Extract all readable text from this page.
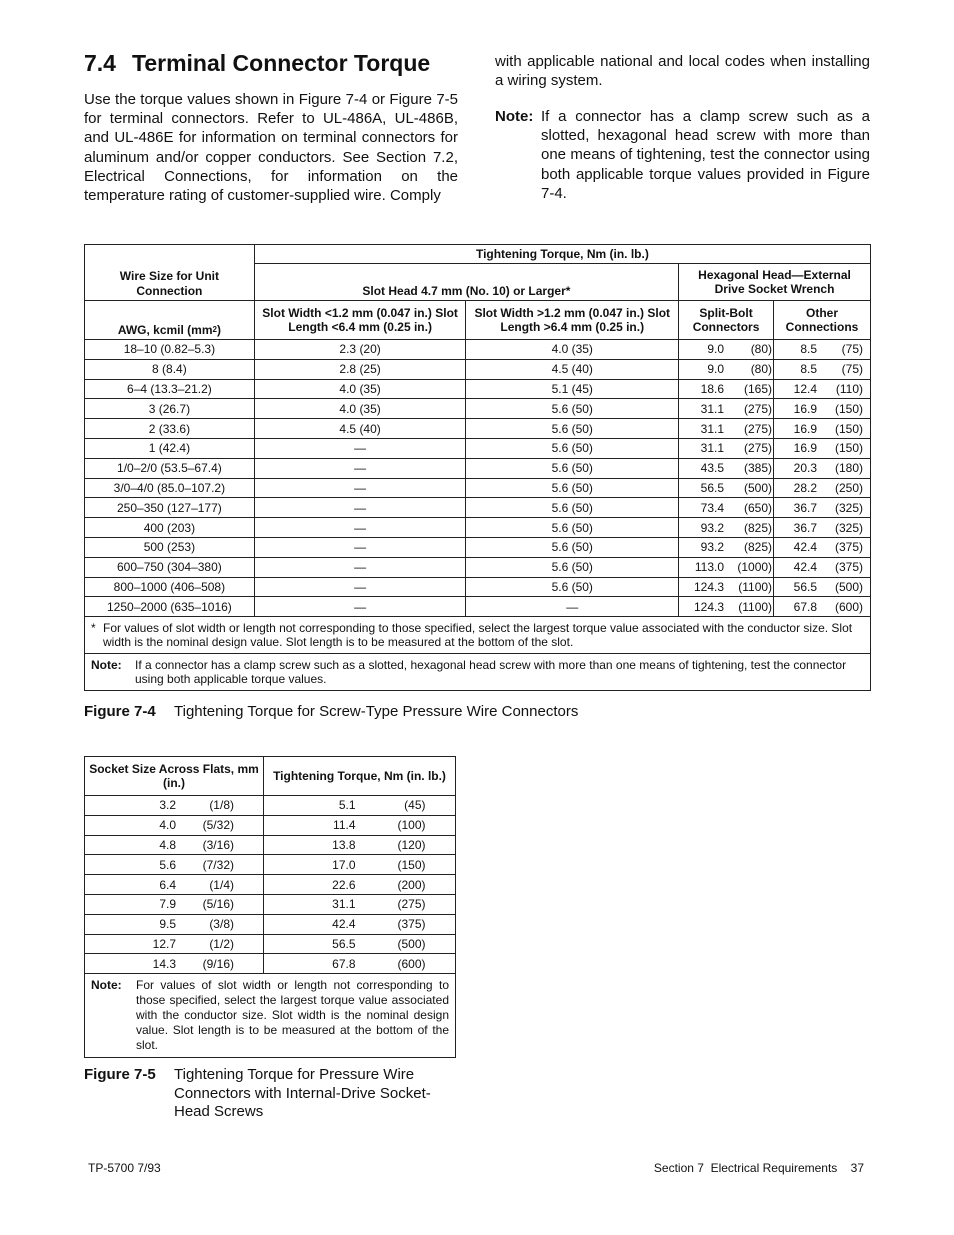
7.4 Terminal Connector Torque

Use the torque values shown in Figure 7-4 or Figure 7-5 for terminal connectors. Refer to UL-486A, UL-486B, and UL-486E for information on terminal connectors for aluminum and/or copper conductors. See Section 7.2, Electrical Connections, for information on the temperature rating of customer-supplied wire. Comply

with applicable national and local codes when installing a wiring system.

Note: If a connector has a clamp screw such as a slotted, hexagonal head screw with more than one means of tightening, test the connector using both applicable torque values provided in Figure 7-4.

Wire Size for Unit Connection	Tightening Torque, Nm (in. lb.)			
	Slot Head 4.7 mm (No. 10) or Larger*		Hexagonal Head—External Drive Socket Wrench	
AWG, kcmil $(mm^2)$	Slot Width <1.2 mm (0.047 in.) Slot Length <6.4 mm (0.25 in.)	Slot Width >1.2 mm (0.047 in.) Slot Length >6.4 mm (0.25 in.)	Split-Bolt Connectors	Other Connections
18–10 (0.82–5.3)	2.3 (20)	4.0 (35)	9.0 (80)	8.5 (75)
8 (8.4)	2.8 (25)	4.5 (40)	9.0 (80)	8.5 (75)
6–4 (13.3–21.2)	4.0 (35)	5.1 (45)	18.6 (165)	12.4 (110)
3 (26.7)	4.0 (35)	5.6 (50)	31.1 (275)	16.9 (150)
2 (33.6)	4.5 (40)	5.6 (50)	31.1 (275)	16.9 (150)
1 (42.4)	—	5.6 (50)	31.1 (275)	16.9 (150)
1/0–2/0 (53.5–67.4)	—	5.6 (50)	43.5 (385)	20.3 (180)
3/0–4/0 (85.0–107.2)	—	5.6 (50)	56.5 (500)	28.2 (250)
250–350 (127–177)	—	5.6 (50)	73.4 (650)	36.7 (325)
400 (203)	—	5.6 (50)	93.2 (825)	36.7 (325)
500 (253)	—	5.6 (50)	93.2 (825)	42.4 (375)
600–750 (304–380)	—	5.6 (50)	113.0 (1000)	42.4 (375)
800–1000 (406–508)	—	5.6 (50)	124.3 (1100)	56.5 (500)
1250–2000 (635–1016)	—	—	124.3 (1100)	67.8 (600)

* For values of slot width or length not corresponding to those specified, select the largest torque value associated with the conductor size. Slot width is the nominal design value. Slot length is to be measured at the bottom of the slot.				

Note: If a connector has a clamp screw such as a slotted, hexagonal head screw with more than one means of tightening, test the connector using both applicable torque values.				
Figure 7-4	Tightening Torque for Screw-Type Pressure Wire Connectors
Socket Size Across Flats, mm (in.)	Tightening Torque, Nm (in. lb.)
3.2 (1/8)	5.1 (45)
4.0 (5/32)	11.4 (100)
4.8 (3/16)	13.8 (120)
5.6 (7/32)	17.0 (150)
6.4 (1/4)	22.6 (200)
7.9 (5/16)	31.1 (275)
9.5 (3/8)	42.4 (375)
12.7 (1/2)	56.5 (500)
14.3 (9/16)	67.8 (600)

Note: For values of slot width or length not corresponding to those specified, select the largest torque value associated with the conductor size. Slot width is the nominal design value. Slot length is to be measured at the bottom of the slot.	
Figure 7-5	Tightening Torque for Pressure Wire Connectors with Internal-Drive Socket-Head Screws
TP-5700 7/93	Section 7  Electrical Requirements    37
